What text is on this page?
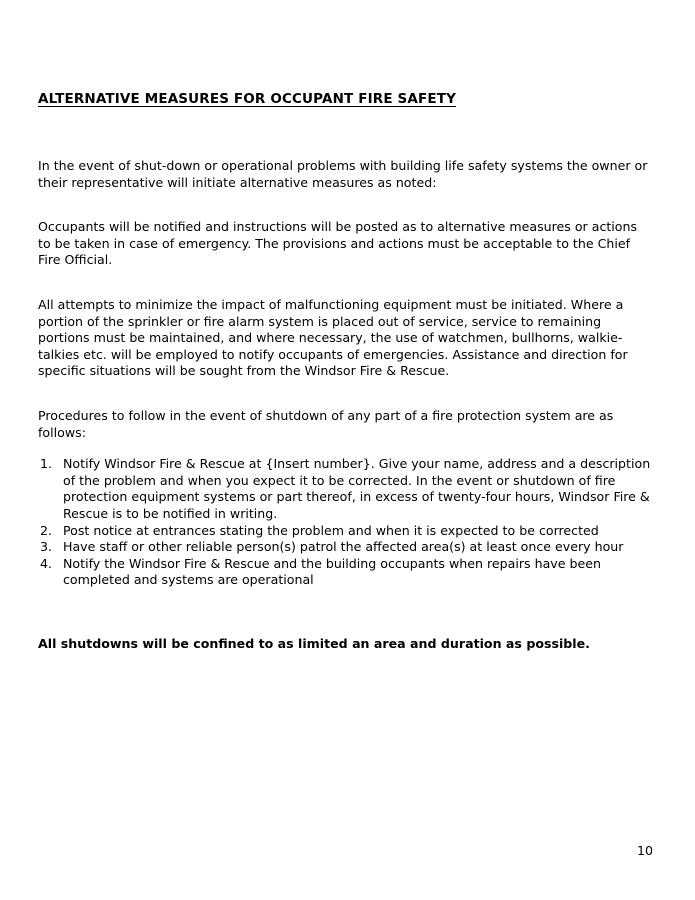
ALTERNATIVE MEASURES FOR OCCUPANT FIRE SAFETY

In the event of shut-down or operational problems with building life safety systems the owner or their representative will initiate alternative measures as noted:

Occupants will be notified and instructions will be posted as to alternative measures or actions to be taken in case of emergency. The provisions and actions must be acceptable to the Chief Fire Official.

All attempts to minimize the impact of malfunctioning equipment must be initiated. Where a portion of the sprinkler or fire alarm system is placed out of service, service to remaining portions must be maintained, and where necessary, the use of watchmen, bullhorns, walkie-talkies etc. will be employed to notify occupants of emergencies. Assistance and direction for specific situations will be sought from the Windsor Fire & Rescue.

Procedures to follow in the event of shutdown of any part of a fire protection system are as follows:

1. Notify Windsor Fire & Rescue at {Insert number}. Give your name, address and a description of the problem and when you expect it to be corrected. In the event or shutdown of fire protection equipment systems or part thereof, in excess of twenty-four hours, Windsor Fire & Rescue is to be notified in writing.
2. Post notice at entrances stating the problem and when it is expected to be corrected
3. Have staff or other reliable person(s) patrol the affected area(s) at least once every hour
4. Notify the Windsor Fire & Rescue and the building occupants when repairs have been completed and systems are operational

All shutdowns will be confined to as limited an area and duration as possible.

10
